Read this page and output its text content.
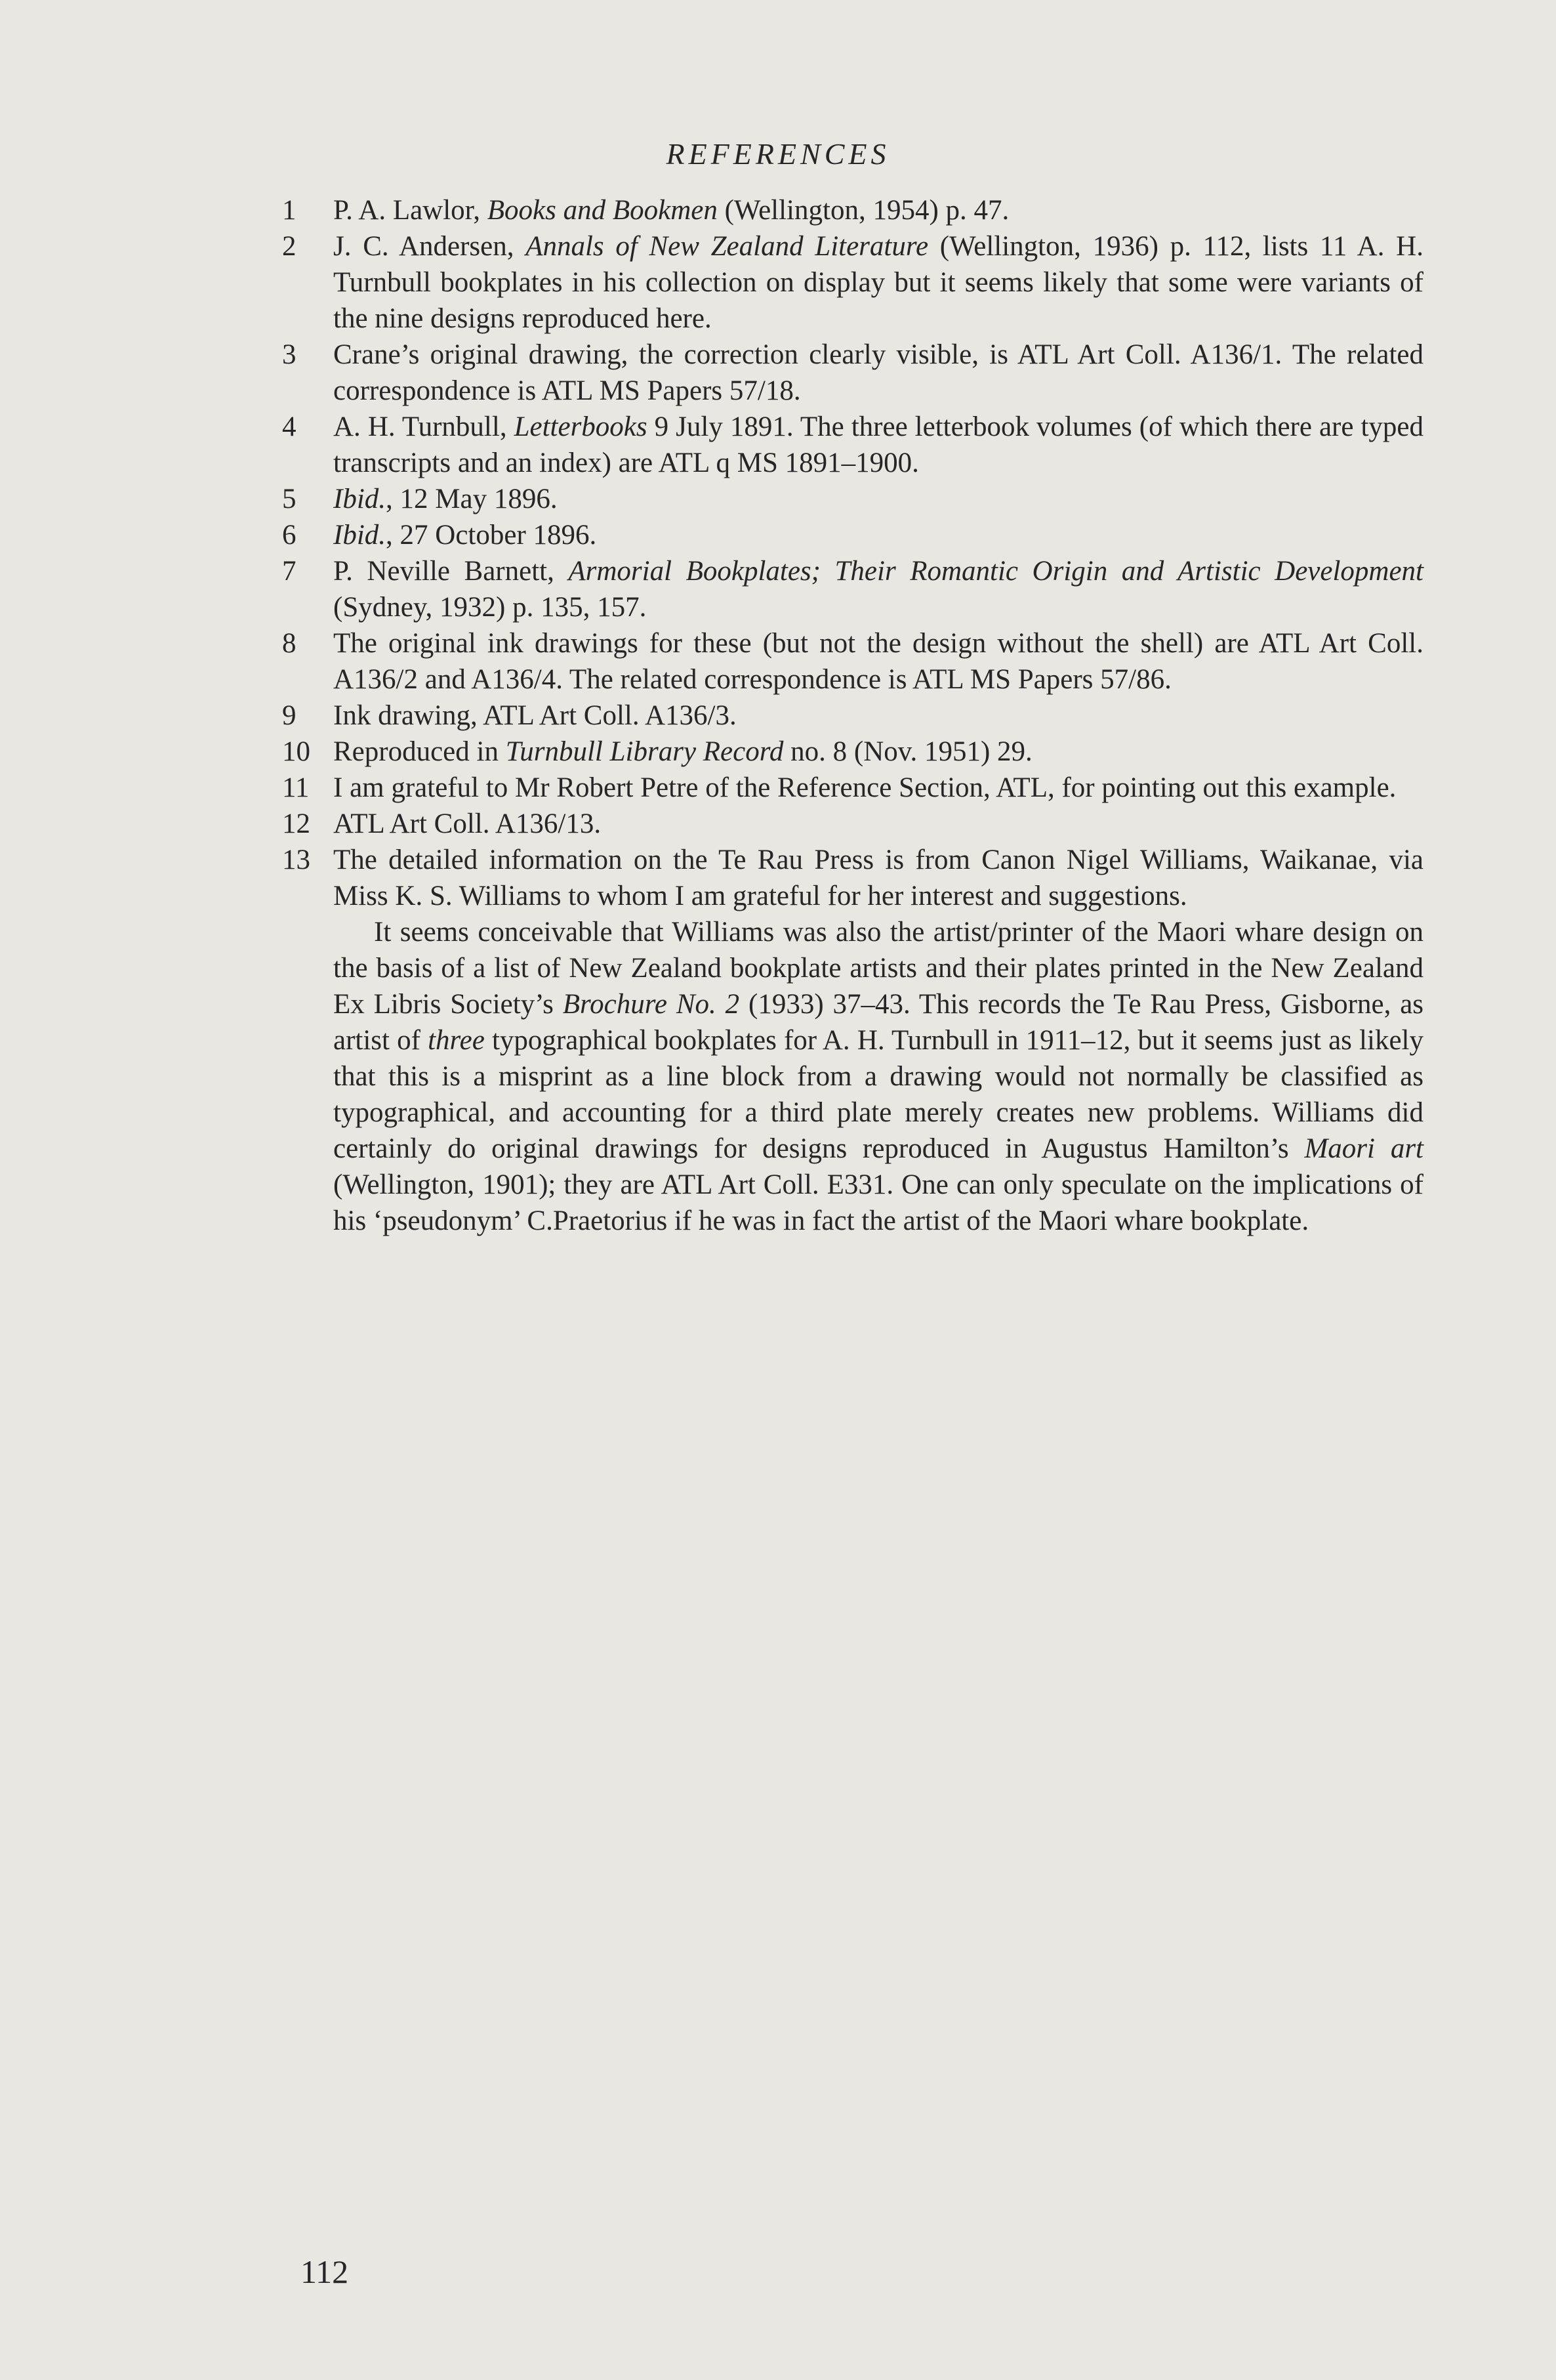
REFERENCES
1	P. A. Lawlor, Books and Bookmen (Wellington, 1954) p. 47.
2	J. C. Andersen, Annals of New Zealand Literature (Wellington, 1936) p. 112, lists 11 A. H. Turnbull bookplates in his collection on display but it seems likely that some were variants of the nine designs reproduced here.
3	Crane’s original drawing, the correction clearly visible, is ATL Art Coll. A136/1. The related correspondence is ATL MS Papers 57/18.
4	A. H. Turnbull, Letterbooks 9 July 1891. The three letterbook volumes (of which there are typed transcripts and an index) are ATL q MS 1891–1900.
5	Ibid., 12 May 1896.
6	Ibid., 27 October 1896.
7	P. Neville Barnett, Armorial Bookplates; Their Romantic Origin and Artistic Development (Sydney, 1932) p. 135, 157.
8	The original ink drawings for these (but not the design without the shell) are ATL Art Coll. A136/2 and A136/4. The related correspondence is ATL MS Papers 57/86.
9	Ink drawing, ATL Art Coll. A136/3.
10 Reproduced in Turnbull Library Record no. 8 (Nov. 1951) 29.
11 I am grateful to Mr Robert Petre of the Reference Section, ATL, for pointing out this example.
12 ATL Art Coll. A136/13.
13 The detailed information on the Te Rau Press is from Canon Nigel Williams, Waikanae, via Miss K. S. Williams to whom I am grateful for her interest and suggestions.

It seems conceivable that Williams was also the artist/printer of the Maori whare design on the basis of a list of New Zealand bookplate artists and their plates printed in the New Zealand Ex Libris Society’s Brochure No. 2 (1933) 37–43. This records the Te Rau Press, Gisborne, as artist of three typographical bookplates for A. H. Turnbull in 1911–12, but it seems just as likely that this is a misprint as a line block from a drawing would not normally be classified as typographical, and accounting for a third plate merely creates new problems. Williams did certainly do original drawings for designs reproduced in Augustus Hamilton’s Maori art (Wellington, 1901); they are ATL Art Coll. E331. One can only speculate on the implications of his ‘pseudonym’ C.Praetorius if he was in fact the artist of the Maori whare bookplate.

112
